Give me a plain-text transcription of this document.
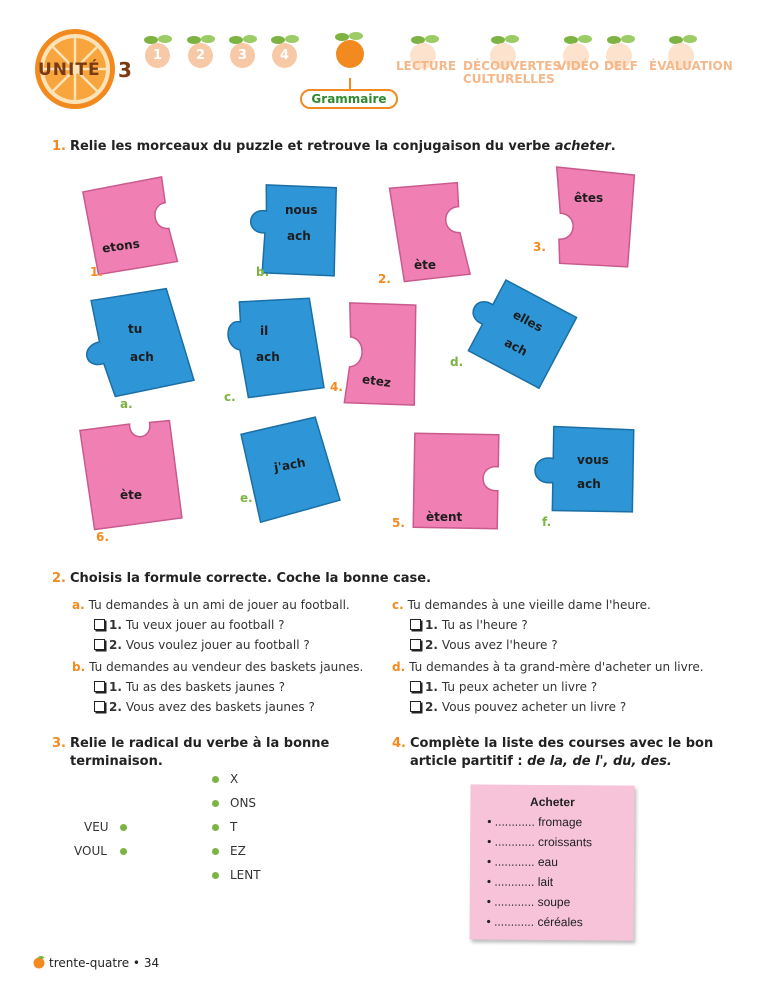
UNITÉ 3
1	2	3	4
Grammaire
LECTURE DÉCOUVERTES
CULTURELLES
VIDÉO DELF ÉVALUATION
1. Relie les morceaux du puzzle et retrouve la conjugaison du verbe acheter.
etons
1.
nous
ach
b.	ète
2.
êtes
3.
tu
ach
a.
il
ach
c.
etez
4.
elles
ach
d.
ète
6.
j'ach
e.
ètent
5.
vous
ach
f.
2. Choisis la formule correcte. Coche la bonne case.
a. Tu demandes à un ami de jouer au football.
1. Tu veux jouer au football ?
2. Vous voulez jouer au football ?
b. Tu demandes au vendeur des baskets jaunes.
1. Tu as des baskets jaunes ?
2. Vous avez des baskets jaunes ?
c. Tu demandes à une vieille dame l'heure.
1. Tu as l'heure ?
2. Vous avez l'heure ?
d. Tu demandes à ta grand-mère d'acheter un livre.
1. Tu peux acheter un livre ?
2. Vous pouvez acheter un livre ?
3. Relie le radical du verbe à la bonne
terminaison.
VEU
VOUL
X
ONS
T
EZ
LENT
4. Complète la liste des courses avec le bon
article partitif : de la, de l', du, des.
Acheter
• ............ fromage
• ............ croissants
• ............ eau
• ............ lait
• ............ soupe
• ............ céréales
trente-quatre • 34
